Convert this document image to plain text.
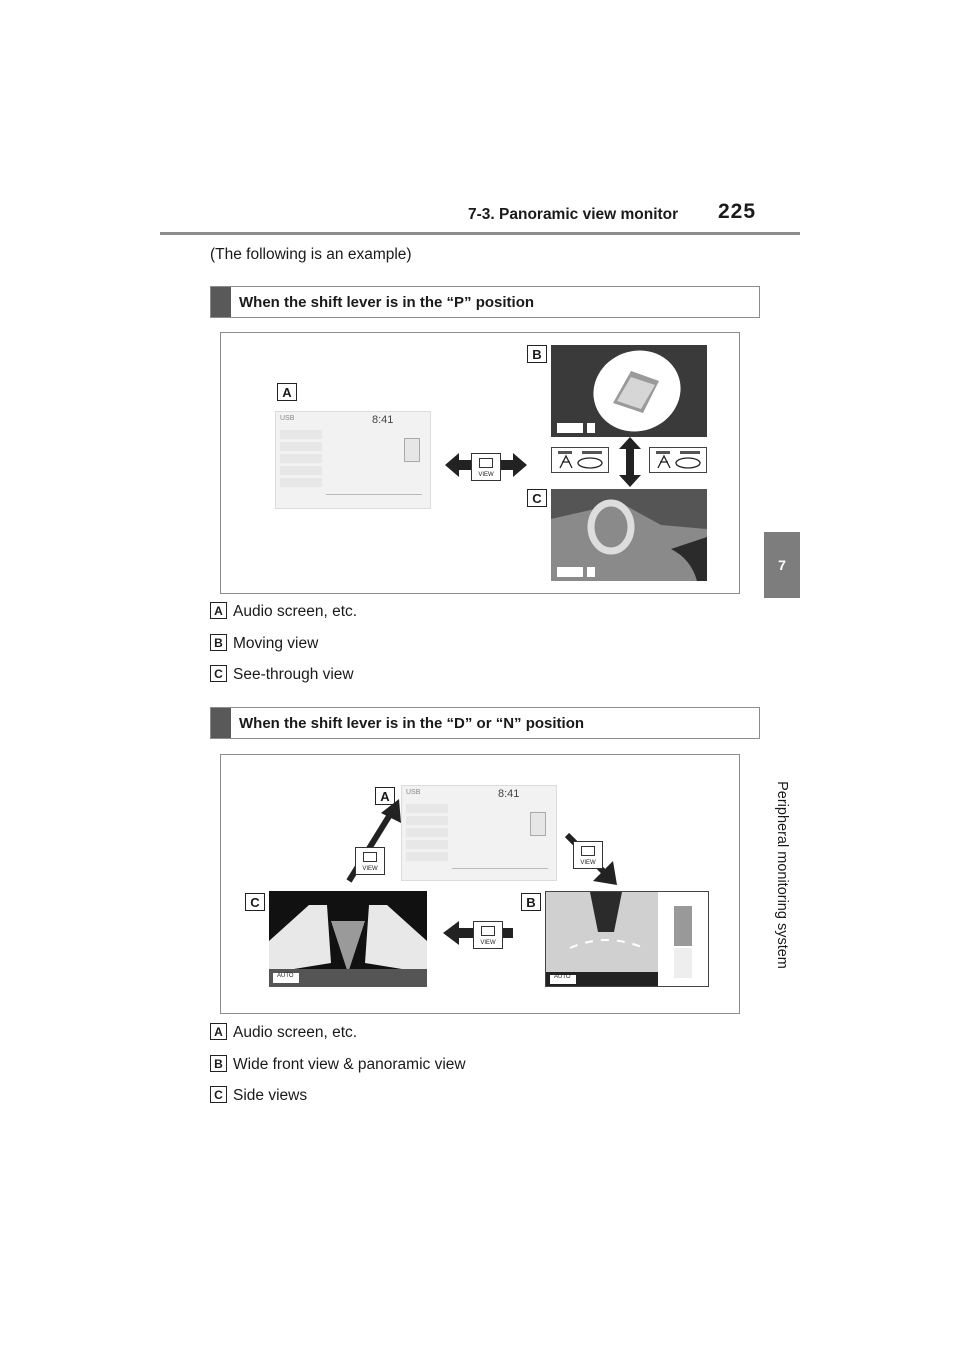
7-3. Panoramic view monitor 225
7
Peripheral monitoring system
(The following is an example)
When the shift lever is in the “P” position
A
B
C
USB	8:41
VIEW
A Audio screen, etc.
B Moving view
C See-through view
When the shift lever is in the “D” or “N” position
A
C	B
USB	8:41
VIEW
VIEW
VIEW
AUTO	AUTO
A Audio screen, etc.
B Wide front view & panoramic view
C Side views
